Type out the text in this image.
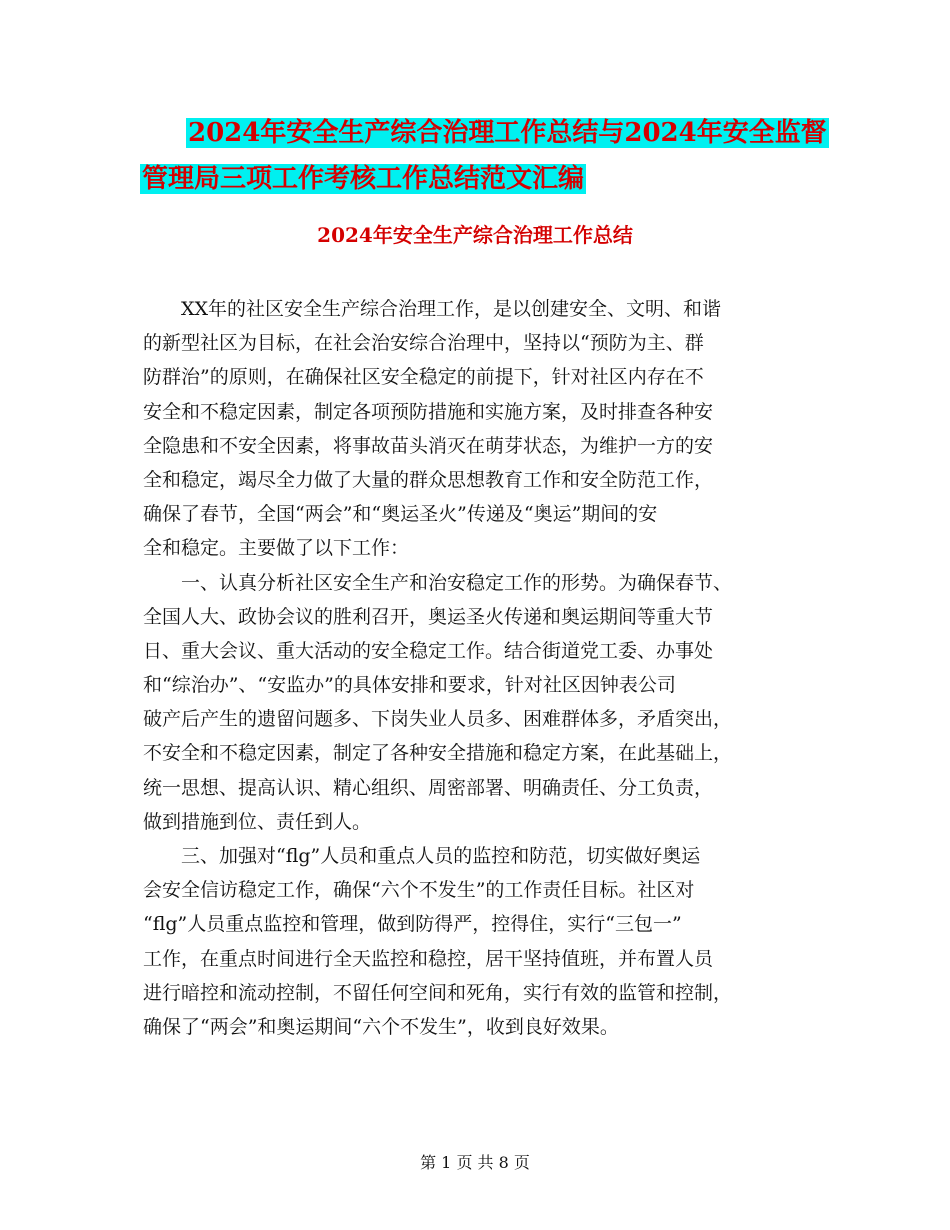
2024年安全生产综合治理工作总结与2024年安全监督
管理局三项工作考核工作总结范文汇编
2024年安全生产综合治理工作总结
XX年的社区安全生产综合治理工作，是以创建安全、文明、和谐
的新型社区为目标，在社会治安综合治理中，坚持以“预防为主、群
防群治”的原则，在确保社区安全稳定的前提下，针对社区内存在不
安全和不稳定因素，制定各项预防措施和实施方案，及时排查各种安
全隐患和不安全因素，将事故苗头消灭在萌芽状态，为维护一方的安
全和稳定，竭尽全力做了大量的群众思想教育工作和安全防范工作，
确保了春节，全国“两会”和“奥运圣火”传递及“奥运”期间的安
全和稳定。主要做了以下工作：
一、认真分析社区安全生产和治安稳定工作的形势。为确保春节、
全国人大、政协会议的胜利召开，奥运圣火传递和奥运期间等重大节
日、重大会议、重大活动的安全稳定工作。结合街道党工委、办事处
和“综治办”、“安监办”的具体安排和要求，针对社区因钟表公司
破产后产生的遗留问题多、下岗失业人员多、困难群体多，矛盾突出，
不安全和不稳定因素，制定了各种安全措施和稳定方案，在此基础上，
统一思想、提高认识、精心组织、周密部署、明确责任、分工负责，
做到措施到位、责任到人。
三、加强对“flg”人员和重点人员的监控和防范，切实做好奥运
会安全信访稳定工作，确保“六个不发生”的工作责任目标。社区对
“flg”人员重点监控和管理，做到防得严，控得住，实行“三包一”
工作，在重点时间进行全天监控和稳控，居干坚持值班，并布置人员
进行暗控和流动控制，不留任何空间和死角，实行有效的监管和控制，
确保了“两会”和奥运期间“六个不发生”，收到良好效果。
第 1 页 共 8 页
